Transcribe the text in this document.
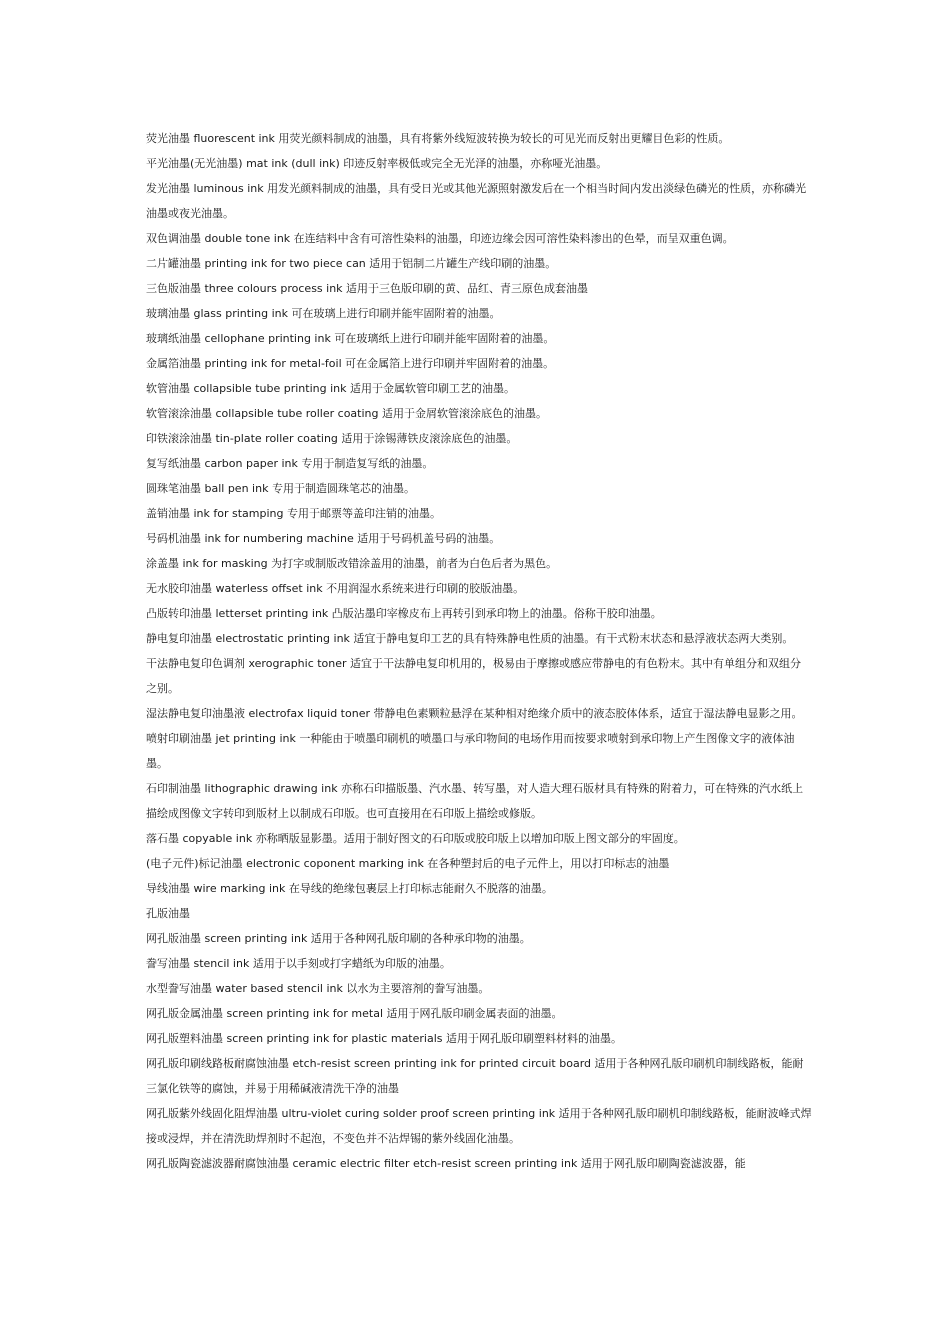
荧光油墨 fluorescent ink 用荧光颜料制成的油墨，具有将紫外线短波转换为较长的可见光而反射出更耀目色彩的性质。

平光油墨(无光油墨) mat ink (dull ink) 印迹反射率极低或完全无光泽的油墨，亦称哑光油墨。

发光油墨 luminous ink 用发光颜料制成的油墨，具有受日光或其他光源照射激发后在一个相当时间内发出淡绿色磷光的性质，亦称磷光油墨或夜光油墨。

双色调油墨 double tone ink 在连结料中含有可溶性染料的油墨，印迹边缘会因可溶性染料渗出的色晕，而呈双重色调。

二片罐油墨 printing ink for two piece can 适用于铝制二片罐生产线印刷的油墨。

三色版油墨 three colours process ink 适用于三色版印刷的黄、品红、青三原色成套油墨

玻璃油墨 glass printing ink 可在玻璃上进行印刷并能牢固附着的油墨。

玻璃纸油墨 cellophane printing ink 可在玻璃纸上进行印刷并能牢固附着的油墨。

金属箔油墨 printing ink for metal-foil 可在金属箔上进行印刷并牢固附着的油墨。

软管油墨 collapsible tube printing ink 适用于金属软管印刷工艺的油墨。

软管滚涂油墨 collapsible tube roller coating 适用于金屑软管滚涂底色的油墨。

印铁滚涂油墨 tin-plate roller coating 适用于涂锡薄铁皮滚涂底色的油墨。

复写纸油墨 carbon paper ink 专用于制造复写纸的油墨。

圆珠笔油墨 ball pen ink 专用于制造圆珠笔芯的油墨。

盖销油墨 ink for stamping 专用于邮票等盖印注销的油墨。

号码机油墨 ink for numbering machine 适用于号码机盖号码的油墨。

涂盖墨 ink for masking 为打字或制版改错涂盖用的油墨，前者为白色后者为黑色。

无水胶印油墨 waterless offset ink 不用润湿水系统来进行印刷的胶版油墨。

凸版转印油墨 letterset printing ink 凸版沾墨印宰橡皮布上再转引到承印物上的油墨。俗称干胶印油墨。

静电复印油墨 electrostatic printing ink 适宜于静电复印工艺的具有特殊静电性质的油墨。有干式粉末状态和悬浮液状态两大类别。

干法静电复印色调剂 xerographic toner 适宜于干法静电复印机用的，极易由于摩擦或感应带静电的有色粉末。其中有单组分和双组分之别。

湿法静电复印油墨液 electrofax liquid toner 带静电色素颗粒悬浮在某种相对绝缘介质中的液态胶体体系，适宜于湿法静电显影之用。

喷射印刷油墨 jet printing ink 一种能由于喷墨印刷机的喷墨口与承印物间的电场作用而按要求喷射到承印物上产生图像文字的液体油墨。

石印制油墨 lithographic drawing ink 亦称石印描版墨、汽水墨、转写墨，对人造大理石版材具有特殊的附着力，可在特殊的汽水纸上描绘成图像文字转印到版材上以制成石印版。也可直接用在石印版上描绘或修版。

落石墨 copyable ink 亦称晒版显影墨。适用于制好图文的石印版或胶印版上以增加印版上图文部分的牢固度。

(电子元件)标记油墨 electronic coponent marking ink 在各种塑封后的电子元件上，用以打印标志的油墨

导线油墨 wire marking ink 在导线的绝缘包裹层上打印标志能耐久不脱落的油墨。

孔版油墨

网孔版油墨 screen printing ink 适用于各种网孔版印刷的各种承印物的油墨。

誊写油墨 stencil ink 适用于以手刻或打字蜡纸为印版的油墨。

水型誊写油墨 water based stencil ink 以水为主要溶剂的誊写油墨。

网孔版金属油墨 screen printing ink for metal 适用于网孔版印刷金属表面的油墨。

网孔版塑料油墨 screen printing ink for plastic materials 适用于网孔版印刷塑料材料的油墨。

网孔版印刷线路板耐腐蚀油墨 etch-resist screen printing ink for printed circuit board 适用于各种网孔版印刷机印制线路板，能耐三氯化铁等的腐蚀，并易于用稀碱液清洗干净的油墨

网孔版紫外线固化阻焊油墨 ultru-violet curing solder proof screen printing ink 适用于各种网孔版印刷机印制线路板，能耐波峰式焊接或浸焊，并在清洗助焊剂时不起泡，不变色并不沾焊锡的紫外线固化油墨。

网孔版陶瓷滤波器耐腐蚀油墨 ceramic electric filter etch-resist screen printing ink 适用于网孔版印刷陶瓷滤波器，能
